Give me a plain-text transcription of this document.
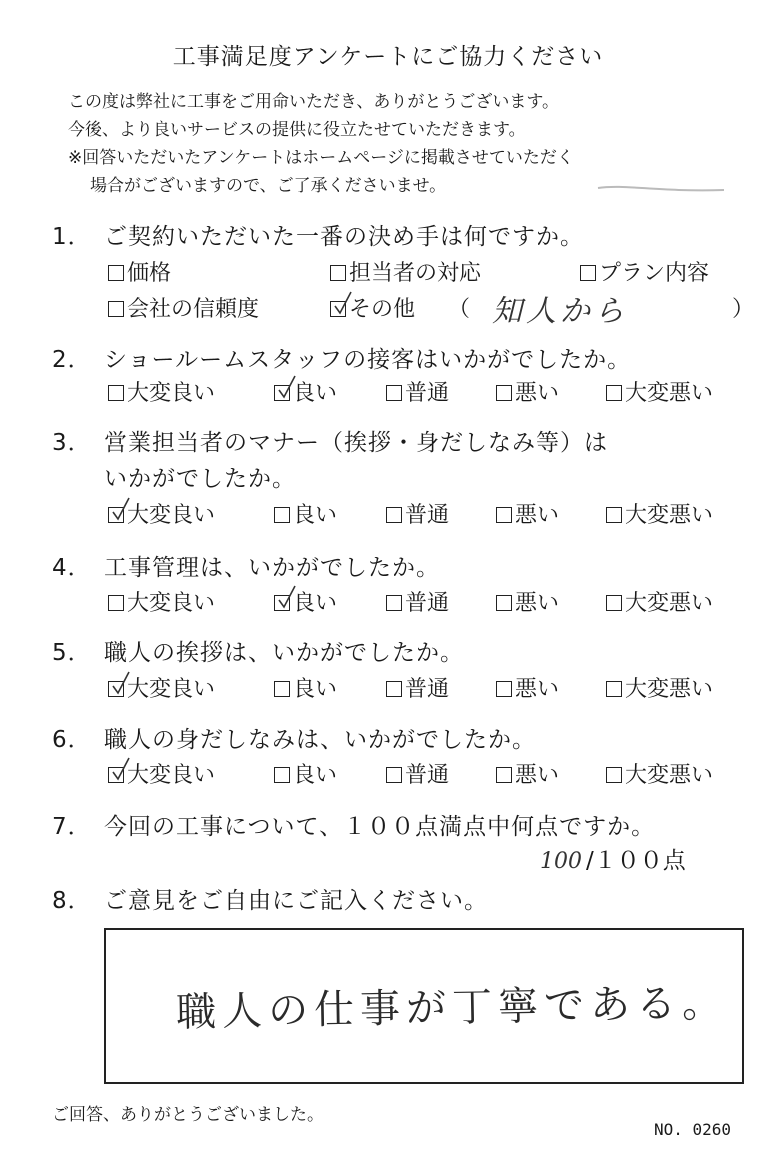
工事満足度アンケートにご協力ください
この度は弊社に工事をご用命いただき、ありがとうございます。
今後、より良いサービスの提供に役立たせていただきます。
※回答いただいたアンケートはホームページに掲載させていただく
場合がございますので、ご了承くださいませ。
1． ご契約いただいた一番の決め手は何ですか。
価格	担当者の対応	プラン内容
会社の信頼度	その他 （ 知人から	）
2． ショールームスタッフの接客はいかがでしたか。
大変良い	良い	普通	悪い	大変悪い
3． 営業担当者のマナー（挨拶・身だしなみ等）は
いかがでしたか。
大変良い	良い	普通	悪い	大変悪い
4． 工事管理は、いかがでしたか。
大変良い	良い	普通	悪い	大変悪い
5． 職人の挨拶は、いかがでしたか。
大変良い	良い	普通	悪い	大変悪い
6． 職人の身だしなみは、いかがでしたか。
大変良い	良い	普通	悪い	大変悪い
7． 今回の工事について、１００点満点中何点ですか。
100 /１００点
8． ご意見をご自由にご記入ください。
職人の仕事が丁寧である。
ご回答、ありがとうございました。
NO. 0260
